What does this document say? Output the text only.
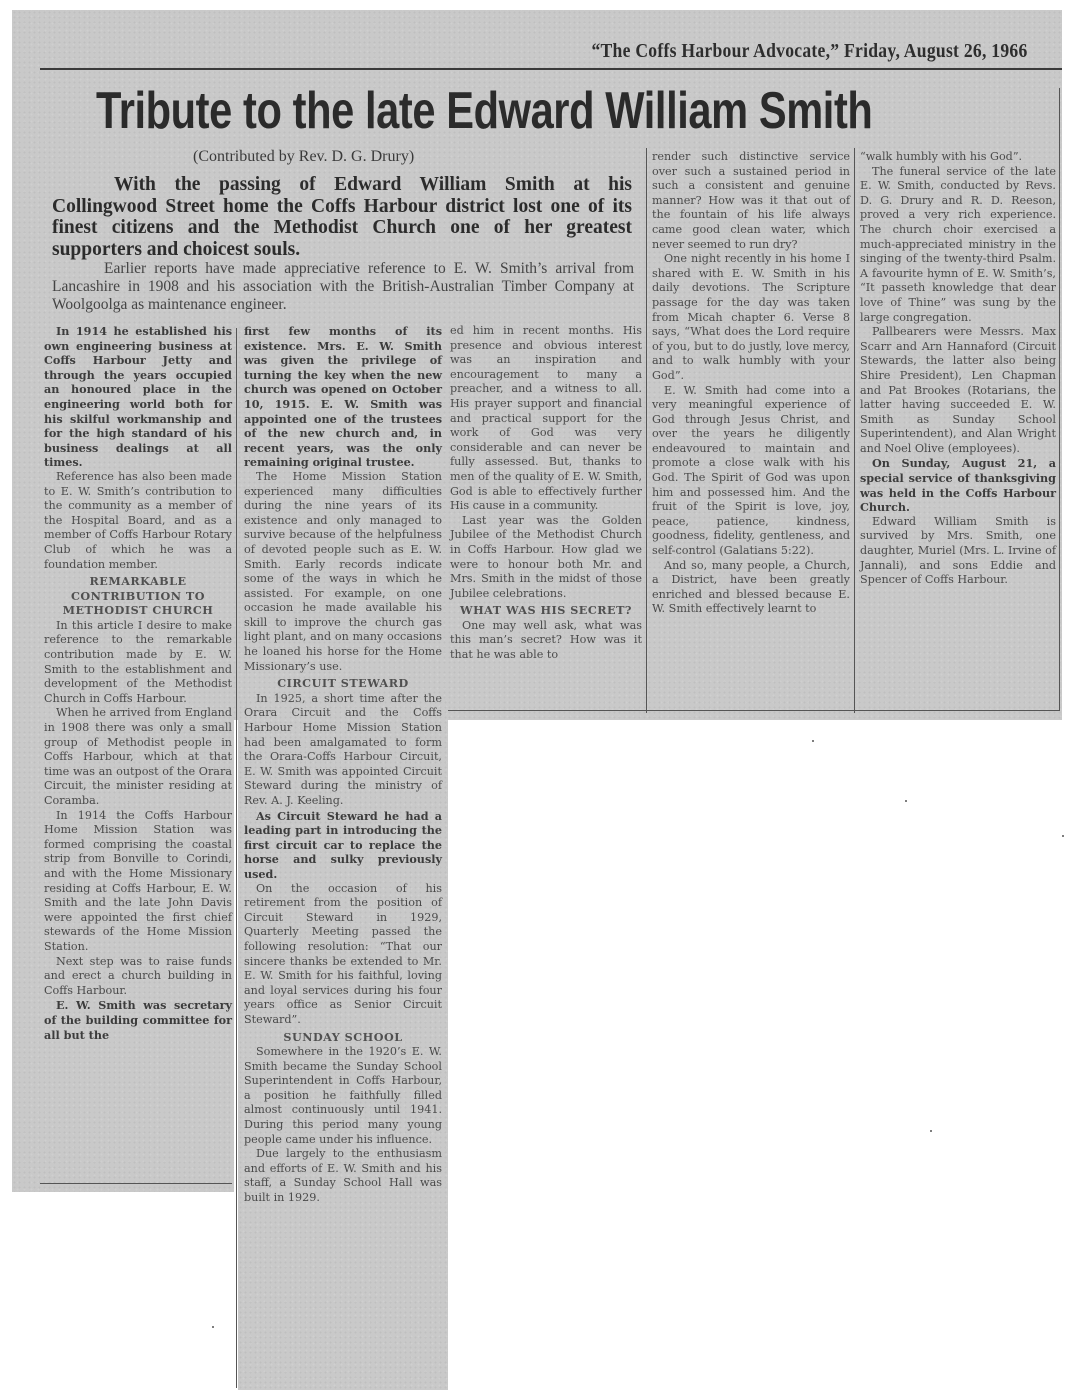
“The Coffs Harbour Advocate,” Friday, August 26, 1966
Tribute to the late Edward William Smith
(Contributed by Rev. D. G. Drury)
With the passing of Edward William Smith at his Collingwood Street home the Coffs Harbour district lost one of its finest citizens and the Methodist Church one of her greatest supporters and choicest souls.
Earlier reports have made appreciative reference to E. W. Smith’s arrival from Lancashire in 1908 and his association with the British-Australian Timber Company at Woolgoolga as maintenance engineer.

In 1914 he established his own engineering business at Coffs Harbour Jetty and through the years occupied an honoured place in the engineering world both for his skilful workmanship and for the high standard of his business dealings at all times.

Reference has also been made to E. W. Smith’s contribution to the community as a member of the Hospital Board, and as a member of Coffs Harbour Rotary Club of which he was a foundation member.

REMARKABLE CONTRIBUTION TO METHODIST CHURCH

In this article I desire to make reference to the remarkable contribution made by E. W. Smith to the establishment and development of the Methodist Church in Coffs Harbour.

When he arrived from England in 1908 there was only a small group of Methodist people in Coffs Harbour, which at that time was an outpost of the Orara Circuit, the minister residing at Coramba.

In 1914 the Coffs Harbour Home Mission Station was formed comprising the coastal strip from Bonville to Corindi, and with the Home Missionary residing at Coffs Harbour, E. W. Smith and the late John Davis were appointed the first chief stewards of the Home Mission Station.

Next step was to raise funds and erect a church building in Coffs Harbour.

E. W. Smith was secretary of the building committee for all but the

first few months of its existence. Mrs. E. W. Smith was given the privilege of turning the key when the new church was opened on October 10, 1915. E. W. Smith was appointed one of the trustees of the new church and, in recent years, was the only remaining original trustee.

The Home Mission Station experienced many difficulties during the nine years of its existence and only managed to survive because of the helpfulness of devoted people such as E. W. Smith. Early records indicate some of the ways in which he assisted. For example, on one occasion he made available his skill to improve the church gas light plant, and on many occasions he loaned his horse for the Home Missionary’s use.

CIRCUIT STEWARD

In 1925, a short time after the Orara Circuit and the Coffs Harbour Home Mission Station had been amalgamated to form the Orara-Coffs Harbour Circuit, E. W. Smith was appointed Circuit Steward during the ministry of Rev. A. J. Keeling.

As Circuit Steward he had a leading part in introducing the first circuit car to replace the horse and sulky previously used.

On the occasion of his retirement from the position of Circuit Steward in 1929, Quarterly Meeting passed the following resolution: “That our sincere thanks be extended to Mr. E. W. Smith for his faithful, loving and loyal services during his four years office as Senior Circuit Steward”.

SUNDAY SCHOOL

Somewhere in the 1920’s E. W. Smith became the Sunday School Superintendent in Coffs Harbour, a position he faithfully filled almost continuously until 1941. During this period many young people came under his influence.

Due largely to the enthusiasm and efforts of E. W. Smith and his staff, a Sunday School Hall was built in 1929.

ed him in recent months. His presence and obvious interest was an inspiration and encouragement to many a preacher, and a witness to all. His prayer support and financial and practical support for the work of God was very considerable and can never be fully assessed. But, thanks to men of the quality of E. W. Smith, God is able to effectively further His cause in a community.

Last year was the Golden Jubilee of the Methodist Church in Coffs Harbour. How glad we were to honour both Mr. and Mrs. Smith in the midst of those Jubilee celebrations.

WHAT WAS HIS SECRET?

One may well ask, what was this man’s secret? How was it that he was able to

render such distinctive service over such a sustained period in such a consistent and genuine manner? How was it that out of the fountain of his life always came good clean water, which never seemed to run dry?

One night recently in his home I shared with E. W. Smith in his daily devotions. The Scripture passage for the day was taken from Micah chapter 6. Verse 8 says, “What does the Lord require of you, but to do justly, love mercy, and to walk humbly with your God”.

E. W. Smith had come into a very meaningful experience of God through Jesus Christ, and over the years he diligently endeavoured to maintain and promote a close walk with his God. The Spirit of God was upon him and possessed him. And the fruit of the Spirit is love, joy, peace, patience, kindness, goodness, fidelity, gentleness, and self-control (Galatians 5:22).

And so, many people, a Church, a District, have been greatly enriched and blessed because E. W. Smith effectively learnt to

“walk humbly with his God”.

The funeral service of the late E. W. Smith, conducted by Revs. D. G. Drury and R. D. Reeson, proved a very rich experience. The church choir exercised a much-appreciated ministry in the singing of the twenty-third Psalm. A favourite hymn of E. W. Smith’s, “It passeth knowledge that dear love of Thine” was sung by the large congregation.

Pallbearers were Messrs. Max Scarr and Arn Hannaford (Circuit Stewards, the latter also being Shire President), Len Chapman and Pat Brookes (Rotarians, the latter having succeeded E. W. Smith as Sunday School Superintendent), and Alan Wright and Noel Olive (employees).

On Sunday, August 21, a special service of thanksgiving was held in the Coffs Harbour Church.

Edward William Smith is survived by Mrs. Smith, one daughter, Muriel (Mrs. L. Irvine of Jannali), and sons Eddie and Spencer of Coffs Harbour.
